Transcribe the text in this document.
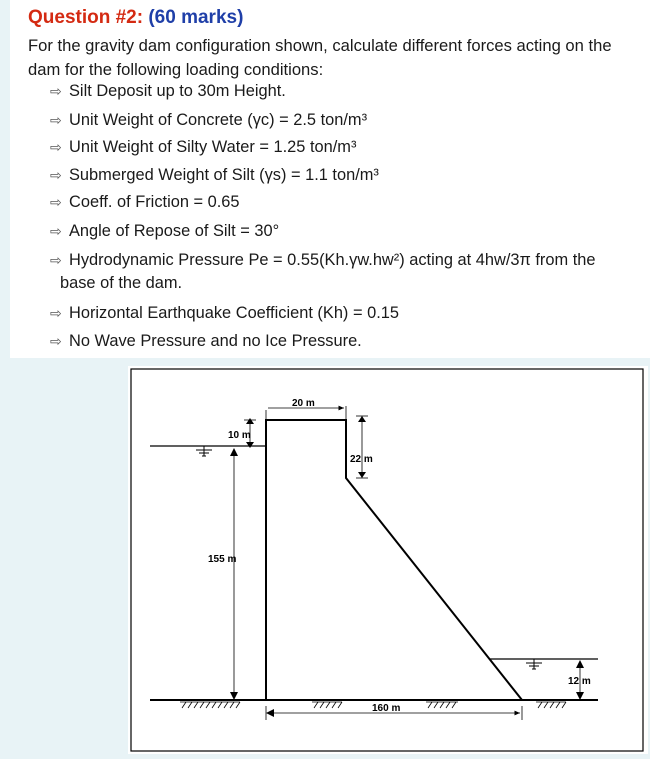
Question #2: (60 marks)
For the gravity dam configuration shown, calculate different forces acting on the dam for the following loading conditions:
⇨ Silt Deposit up to 30m Height.
⇨ Unit Weight of Concrete (γc) = 2.5 ton/m³
⇨ Unit Weight of Silty Water = 1.25 ton/m³
⇨ Submerged Weight of Silt (γs) = 1.1 ton/m³
⇨ Coeff. of Friction = 0.65
⇨ Angle of Repose of Silt = 30°
⇨ Hydrodynamic Pressure Pe = 0.55(Kh.γw.hw²) acting at 4hw/3π from the
base of the dam.
⇨ Horizontal Earthquake Coefficient (Kh) = 0.15
⇨ No Wave Pressure and no Ice Pressure.
20 m
10 m
22 m
155 m
12 m
160 m
